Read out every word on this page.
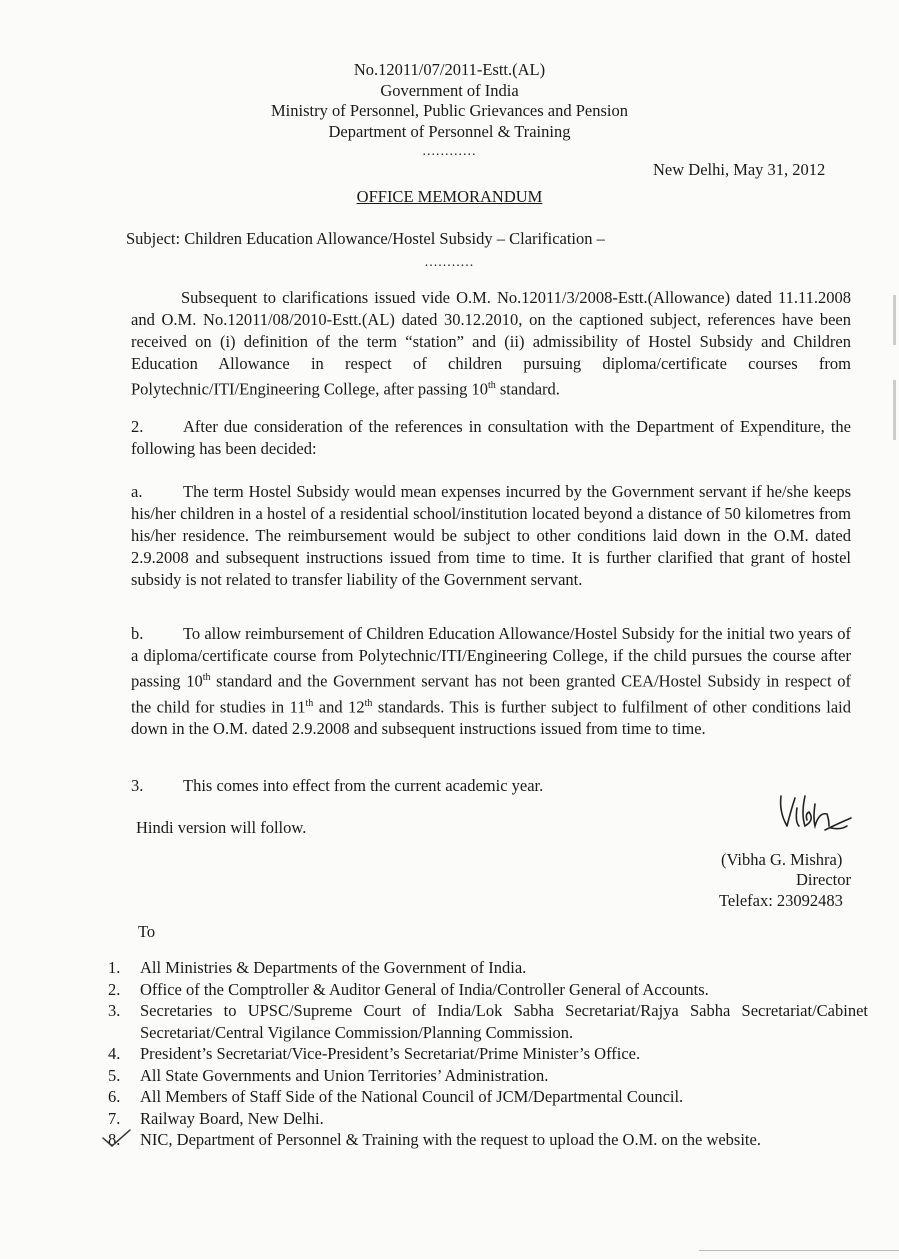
No.12011/07/2011-Estt.(AL)
Government of India
Ministry of Personnel, Public Grievances and Pension
Department of Personnel & Training
............
New Delhi, May 31, 2012
OFFICE MEMORANDUM
Subject: Children Education Allowance/Hostel Subsidy – Clarification –
...........
Subsequent to clarifications issued vide O.M. No.12011/3/2008-Estt.(Allowance) dated 11.11.2008 and O.M. No.12011/08/2010-Estt.(AL) dated 30.12.2010, on the captioned subject, references have been received on (i) definition of the term “station” and (ii) admissibility of Hostel Subsidy and Children Education Allowance in respect of children pursuing diploma/certificate courses from Polytechnic/ITI/Engineering College, after passing 10th standard.
2. After due consideration of the references in consultation with the Department of Expenditure, the following has been decided:
a. The term Hostel Subsidy would mean expenses incurred by the Government servant if he/she keeps his/her children in a hostel of a residential school/institution located beyond a distance of 50 kilometres from his/her residence. The reimbursement would be subject to other conditions laid down in the O.M. dated 2.9.2008 and subsequent instructions issued from time to time. It is further clarified that grant of hostel subsidy is not related to transfer liability of the Government servant.
b. To allow reimbursement of Children Education Allowance/Hostel Subsidy for the initial two years of a diploma/certificate course from Polytechnic/ITI/Engineering College, if the child pursues the course after passing 10th standard and the Government servant has not been granted CEA/Hostel Subsidy in respect of the child for studies in 11th and 12th standards. This is further subject to fulfilment of other conditions laid down in the O.M. dated 2.9.2008 and subsequent instructions issued from time to time.
3. This comes into effect from the current academic year.
Hindi version will follow.
(Vibha G. Mishra)
Director
Telefax: 23092483
To
1.	All Ministries & Departments of the Government of India.
2.	Office of the Comptroller & Auditor General of India/Controller General of Accounts.
3.	Secretaries to UPSC/Supreme Court of India/Lok Sabha Secretariat/Rajya Sabha Secretariat/Cabinet Secretariat/Central Vigilance Commission/Planning Commission.
4.	President’s Secretariat/Vice-President’s Secretariat/Prime Minister’s Office.
5.	All State Governments and Union Territories’ Administration.
6.	All Members of Staff Side of the National Council of JCM/Departmental Council.
7.	Railway Board, New Delhi.
8.	NIC, Department of Personnel & Training with the request to upload the O.M. on the website.
